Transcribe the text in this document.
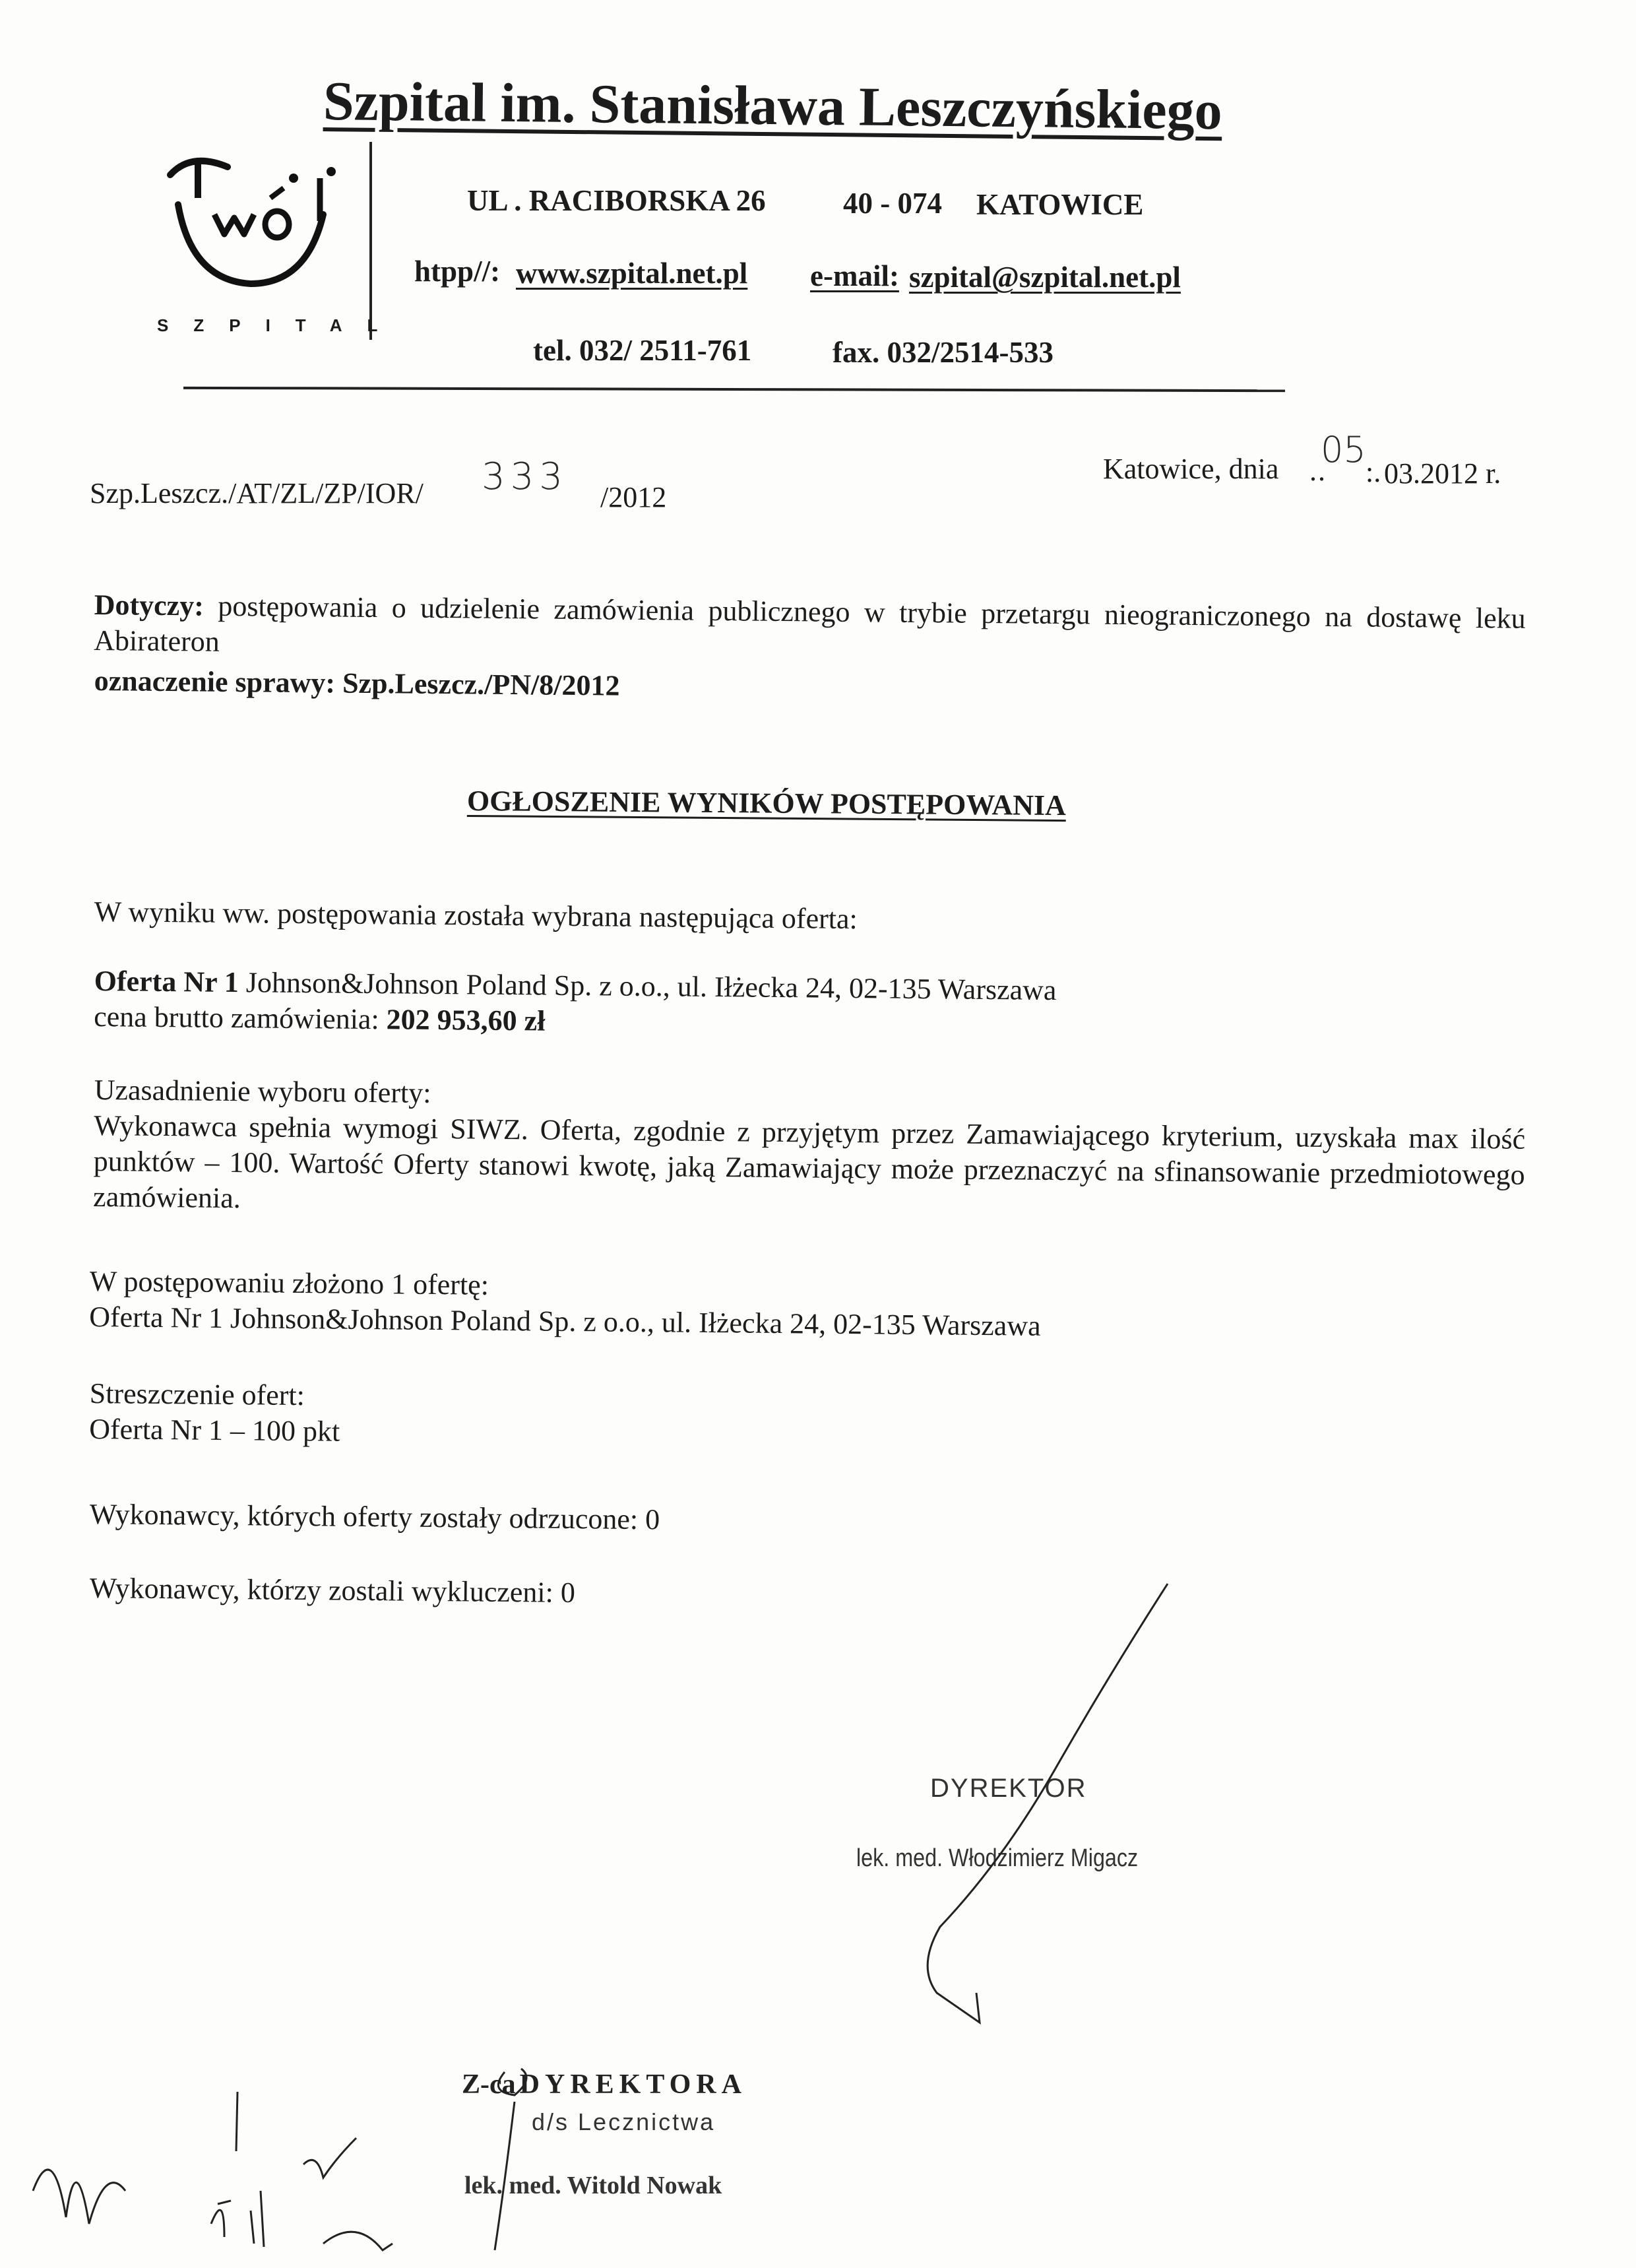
Szpital im. Stanisława Leszczyńskiego
SZPITAL
UL . RACIBORSKA 26	40 - 074 KATOWICE
htpp//: www.szpital.net.pl e-mail: szpital@szpital.net.pl
tel. 032/ 2511-761	fax. 032/2514-533
Szp.Leszcz./AT/ZL/ZP/IOR/ 333 /2012
Katowice, dnia ..
05
:. 03.2012 r.
Dotyczy: postępowania o udzielenie zamówienia publicznego w trybie przetargu nieograniczonego na dostawę leku Abirateron
oznaczenie sprawy: Szp.Leszcz./PN/8/2012
OGŁOSZENIE WYNIKÓW POSTĘPOWANIA
W wyniku ww. postępowania została wybrana następująca oferta:
Oferta Nr 1 Johnson&Johnson Poland Sp. z o.o., ul. Iłżecka 24, 02-135 Warszawa
cena brutto zamówienia: 202 953,60 zł
Uzasadnienie wyboru oferty:
Wykonawca spełnia wymogi SIWZ. Oferta, zgodnie z przyjętym przez Zamawiającego kryterium, uzyskała max ilość punktów – 100. Wartość Oferty stanowi kwotę, jaką Zamawiający może przeznaczyć na sfinansowanie przedmiotowego zamówienia.
W postępowaniu złożono 1 ofertę:
Oferta Nr 1 Johnson&Johnson Poland Sp. z o.o., ul. Iłżecka 24, 02-135 Warszawa
Streszczenie ofert:
Oferta Nr 1 – 100 pkt
Wykonawcy, których oferty zostały odrzucone: 0
Wykonawcy, którzy zostali wykluczeni: 0
DYREKTOR
lek. med. Włodzimierz Migacz
Z-ca DYREKTORA
d/s Lecznictwa
lek. med. Witold Nowak
